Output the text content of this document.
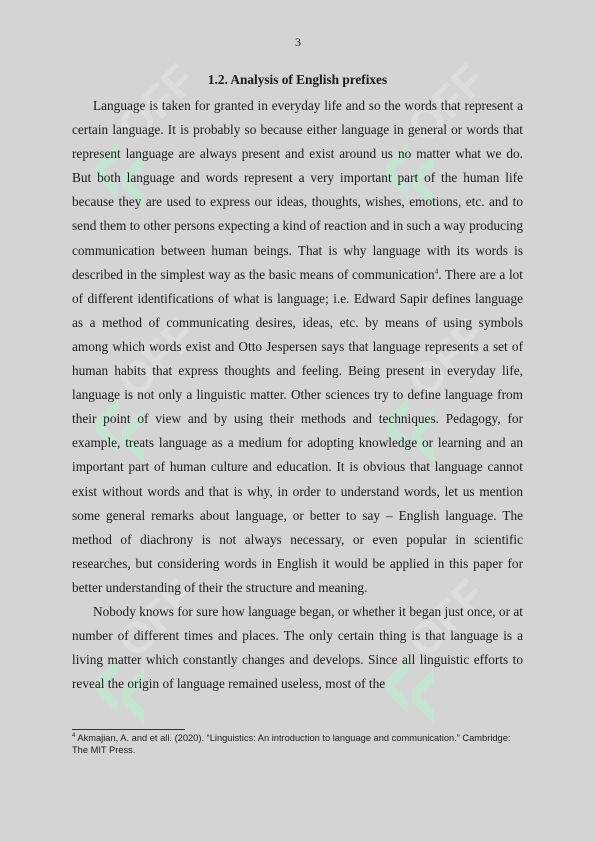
3
1.2. Analysis of English prefixes

Language is taken for granted in everyday life and so the words that represent a certain language. It is probably so because either language in general or words that represent language are always present and exist around us no matter what we do. But both language and words represent a very important part of the human life because they are used to express our ideas, thoughts, wishes, emotions, etc. and to send them to other persons expecting a kind of reaction and in such a way producing communication between human beings. That is why language with its words is described in the simplest way as the basic means of communication$^4$. There are a lot of different identifications of what is language; i.e. Edward Sapir defines language as a method of communicating desires, ideas, etc. by means of using symbols among which words exist and Otto Jespersen says that language represents a set of human habits that express thoughts and feeling. Being present in everyday life, language is not only a linguistic matter. Other sciences try to define language from their point of view and by using their methods and techniques. Pedagogy, for example, treats language as a medium for adopting knowledge or learning and an important part of human culture and education. It is obvious that language cannot exist without words and that is why, in order to understand words, let us mention some general remarks about language, or better to say – English language. The method of diachrony is not always necessary, or even popular in scientific researches, but considering words in English it would be applied in this paper for better understanding of their the structure and meaning.

Nobody knows for sure how language began, or whether it began just once, or at number of different times and places. The only certain thing is that language is a living matter which constantly changes and develops. Since all linguistic efforts to reveal the origin of language remained useless, most of the

$^4$ Akmajian, A. and et all. (2020). “Linguistics: An introduction to language and communication.” Cambridge: The MIT Press.
